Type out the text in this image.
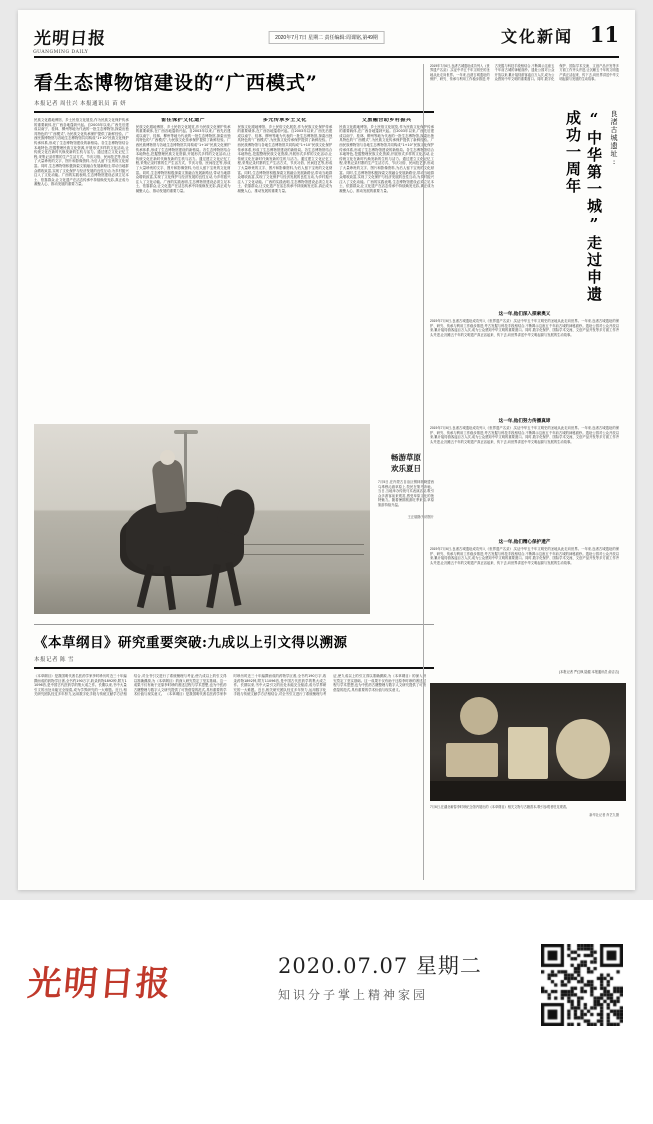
光明日报
GUANGMING DAILY
2020年7月7日 星期二 责任编辑:周课铭,第49期	文化新闻 11
看生态博物馆建设的“广西模式”
本报记者 周仕兴 本报通讯员 苗 妍
民族文化跟地博馆、乡土民俗文化展览,作为民族文化保护传承的重要载体,在广西各地蓬勃兴起。自2003年以来,广西先后建成以南宁、桂林、柳州等地为代表的一批生态博物馆,探索出独具特色的“广西模式”,为民族文化传承保护提供了新鲜经验。广西民族博物馆与各地生态博物馆共同构成“1+10”民族文化保护传承体系,形成了生态博物馆建设的新格局。各生态博物馆结合本地特色,挖掘整理民族文化资源,开展形式多样的文化活动,让传统文化在新时代焕发新的生机与活力。通过建立文化记忆工程,采集记录村寨的生产生活方式、节庆习俗、民间技艺等,形成了大量珍贵的文字、图片和影像资料,为后人留下宝贵的文化财富。同时,生态博物馆积极探索文旅融合发展新路径,带动当地群众增收致富,实现了文化保护与经济发展的良性互动,为乡村振兴注入了文化动能。广西的实践表明,生态博物馆建设必须立足本土、依靠群众,让文化遗产在活态传承中持续焕发光彩,真正成为凝聚人心、推动发展的重要力量。
留住保护文化遗产
民族文化跟地博馆、乡土民俗文化展览,作为民族文化保护传承的重要载体,在广西各地蓬勃兴起。自2003年以来,广西先后建成以南宁、桂林、柳州等地为代表的一批生态博物馆,探索出独具特色的“广西模式”,为民族文化传承保护提供了新鲜经验。广西民族博物馆与各地生态博物馆共同构成“1+10”民族文化保护传承体系,形成了生态博物馆建设的新格局。各生态博物馆结合本地特色,挖掘整理民族文化资源,开展形式多样的文化活动,让传统文化在新时代焕发新的生机与活力。通过建立文化记忆工程,采集记录村寨的生产生活方式、节庆习俗、民间技艺等,形成了大量珍贵的文字、图片和影像资料,为后人留下宝贵的文化财富。同时,生态博物馆积极探索文旅融合发展新路径,带动当地群众增收致富,实现了文化保护与经济发展的良性互动,为乡村振兴注入了文化动能。广西的实践表明,生态博物馆建设必须立足本土、依靠群众,让文化遗产在活态传承中持续焕发光彩,真正成为凝聚人心、推动发展的重要力量。
多元传承乡土文化
民族文化跟地博馆、乡土民俗文化展览,作为民族文化保护传承的重要载体,在广西各地蓬勃兴起。自2003年以来,广西先后建成以南宁、桂林、柳州等地为代表的一批生态博物馆,探索出独具特色的“广西模式”,为民族文化传承保护提供了新鲜经验。广西民族博物馆与各地生态博物馆共同构成“1+10”民族文化保护传承体系,形成了生态博物馆建设的新格局。各生态博物馆结合本地特色,挖掘整理民族文化资源,开展形式多样的文化活动,让传统文化在新时代焕发新的生机与活力。通过建立文化记忆工程,采集记录村寨的生产生活方式、节庆习俗、民间技艺等,形成了大量珍贵的文字、图片和影像资料,为后人留下宝贵的文化财富。同时,生态博物馆积极探索文旅融合发展新路径,带动当地群众增收致富,实现了文化保护与经济发展的良性互动,为乡村振兴注入了文化动能。广西的实践表明,生态博物馆建设必须立足本土、依靠群众,让文化遗产在活态传承中持续焕发光彩,真正成为凝聚人心、推动发展的重要力量。
文旅融合助乡村振兴
民族文化跟地博馆、乡土民俗文化展览,作为民族文化保护传承的重要载体,在广西各地蓬勃兴起。自2003年以来,广西先后建成以南宁、桂林、柳州等地为代表的一批生态博物馆,探索出独具特色的“广西模式”,为民族文化传承保护提供了新鲜经验。广西民族博物馆与各地生态博物馆共同构成“1+10”民族文化保护传承体系,形成了生态博物馆建设的新格局。各生态博物馆结合本地特色,挖掘整理民族文化资源,开展形式多样的文化活动,让传统文化在新时代焕发新的生机与活力。通过建立文化记忆工程,采集记录村寨的生产生活方式、节庆习俗、民间技艺等,形成了大量珍贵的文字、图片和影像资料,为后人留下宝贵的文化财富。同时,生态博物馆积极探索文旅融合发展新路径,带动当地群众增收致富,实现了文化保护与经济发展的良性互动,为乡村振兴注入了文化动能。广西的实践表明,生态博物馆建设必须立足本土、依靠群众,让文化遗产在活态传承中持续焕发光彩,真正成为凝聚人心、推动发展的重要力量。
畅游草原
欢乐夏日
7月5日,在内蒙古自治区锡林郭勒盟西乌珠穆沁旗草原上,牧民在策马奔驰。当日,当地举办传统马术表演活动,吸引众多游客前来观赏,感受草原文化的独特魅力。随着暑期旅游旺季来临,草原旅游持续升温。
王正瑞摄/光明图片
《本草纲目》研究重要突破:九成以上引文得以溯源
本报记者 陈 雪
《本草纲目》是我国明代著名医药学家李时珍历时近三十年编撰而成的药物学巨著,全书约190万字,收录药物1892种,附方11096首,是中国古代医药学的集大成之作。长期以来,书中大量引文的出处未能完全厘清,成为学界研究的一大难题。近日,相关研究团队经过多年努力,运用数字化手段与传统文献学方法相结合,对全书引文进行了系统梳理与考证,使九成以上的引文得以准确溯源,为《本草纲目》的深入研究奠定了坚实基础。这一成果不仅有助于还原李时珍的著述过程与学术思想,也为中医药古籍整理与数字人文研究提供了可资借鉴的范式,具有重要的学术价值与现实意义。 《本草纲目》是我国明代著名医药学家李时珍历时近三十年编撰而成的药物学巨著,全书约190万字,收录药物1892种,附方11096首,是中国古代医药学的集大成之作。长期以来,书中大量引文的出处未能完全厘清,成为学界研究的一大难题。近日,相关研究团队经过多年努力,运用数字化手段与传统文献学方法相结合,对全书引文进行了系统梳理与考证,使九成以上的引文得以准确溯源,为《本草纲目》的深入研究奠定了坚实基础。这一成果不仅有助于还原李时珍的著述过程与学术思想,也为中医药古籍整理与数字人文研究提供了可资借鉴的范式,具有重要的学术价值与现实意义。
2019年7月6日,良渚古城遗址成功列入《世界遗产名录》,实证中华五千年文明史的圣地从此走向世界。一年来,良渚古城遗址的保护、研究、传承与利用工作稳步推进,考古发掘与科技手段相结合,不断揭示这座五千年前古城的神秘面纱。遗址公园对公众开放以来,累计接待游客逾百万人次,成为公众感知中华文明的重要窗口。同时,数字化保护、国际学术交流、文创产品开发等多方面工作齐头并进,让沉睡五千年的文明遗产真正活起来、传下去,向世界讲述中华文明起源与发展的生动故事。
良渚古城遗址:
“中华第一城”走过申遗成功一周年
这一年,他们深入探索奥义
2019年7月6日,良渚古城遗址成功列入《世界遗产名录》,实证中华五千年文明史的圣地从此走向世界。一年来,良渚古城遗址的保护、研究、传承与利用工作稳步推进,考古发掘与科技手段相结合,不断揭示这座五千年前古城的神秘面纱。遗址公园对公众开放以来,累计接待游客逾百万人次,成为公众感知中华文明的重要窗口。同时,数字化保护、国际学术交流、文创产品开发等多方面工作齐头并进,让沉睡五千年的文明遗产真正活起来、传下去,向世界讲述中华文明起源与发展的生动故事。
这一年,他们努力传播真谛
2019年7月6日,良渚古城遗址成功列入《世界遗产名录》,实证中华五千年文明史的圣地从此走向世界。一年来,良渚古城遗址的保护、研究、传承与利用工作稳步推进,考古发掘与科技手段相结合,不断揭示这座五千年前古城的神秘面纱。遗址公园对公众开放以来,累计接待游客逾百万人次,成为公众感知中华文明的重要窗口。同时,数字化保护、国际学术交流、文创产品开发等多方面工作齐头并进,让沉睡五千年的文明遗产真正活起来、传下去,向世界讲述中华文明起源与发展的生动故事。
这一年,他们精心保护遗产
2019年7月6日,良渚古城遗址成功列入《世界遗产名录》,实证中华五千年文明史的圣地从此走向世界。一年来,良渚古城遗址的保护、研究、传承与利用工作稳步推进,考古发掘与科技手段相结合,不断揭示这座五千年前古城的神秘面纱。遗址公园对公众开放以来,累计接待游客逾百万人次,成为公众感知中华文明的重要窗口。同时,数字化保护、国际学术交流、文创产品开发等多方面工作齐头并进,让沉睡五千年的文明遗产真正活起来、传下去,向世界讲述中华文明起源与发展的生动故事。
(本报记者 严红枫 陆健 本报通讯员 俞吉吉)
7月6日,在湖北蕲春李时珍纪念馆内展出的《本草纲目》相关文物与古籍善本,吸引参观者驻足观看。
新华社记者 肖艺九摄
光明日报	2020.07.07 星期二
知识分子掌上精神家园
